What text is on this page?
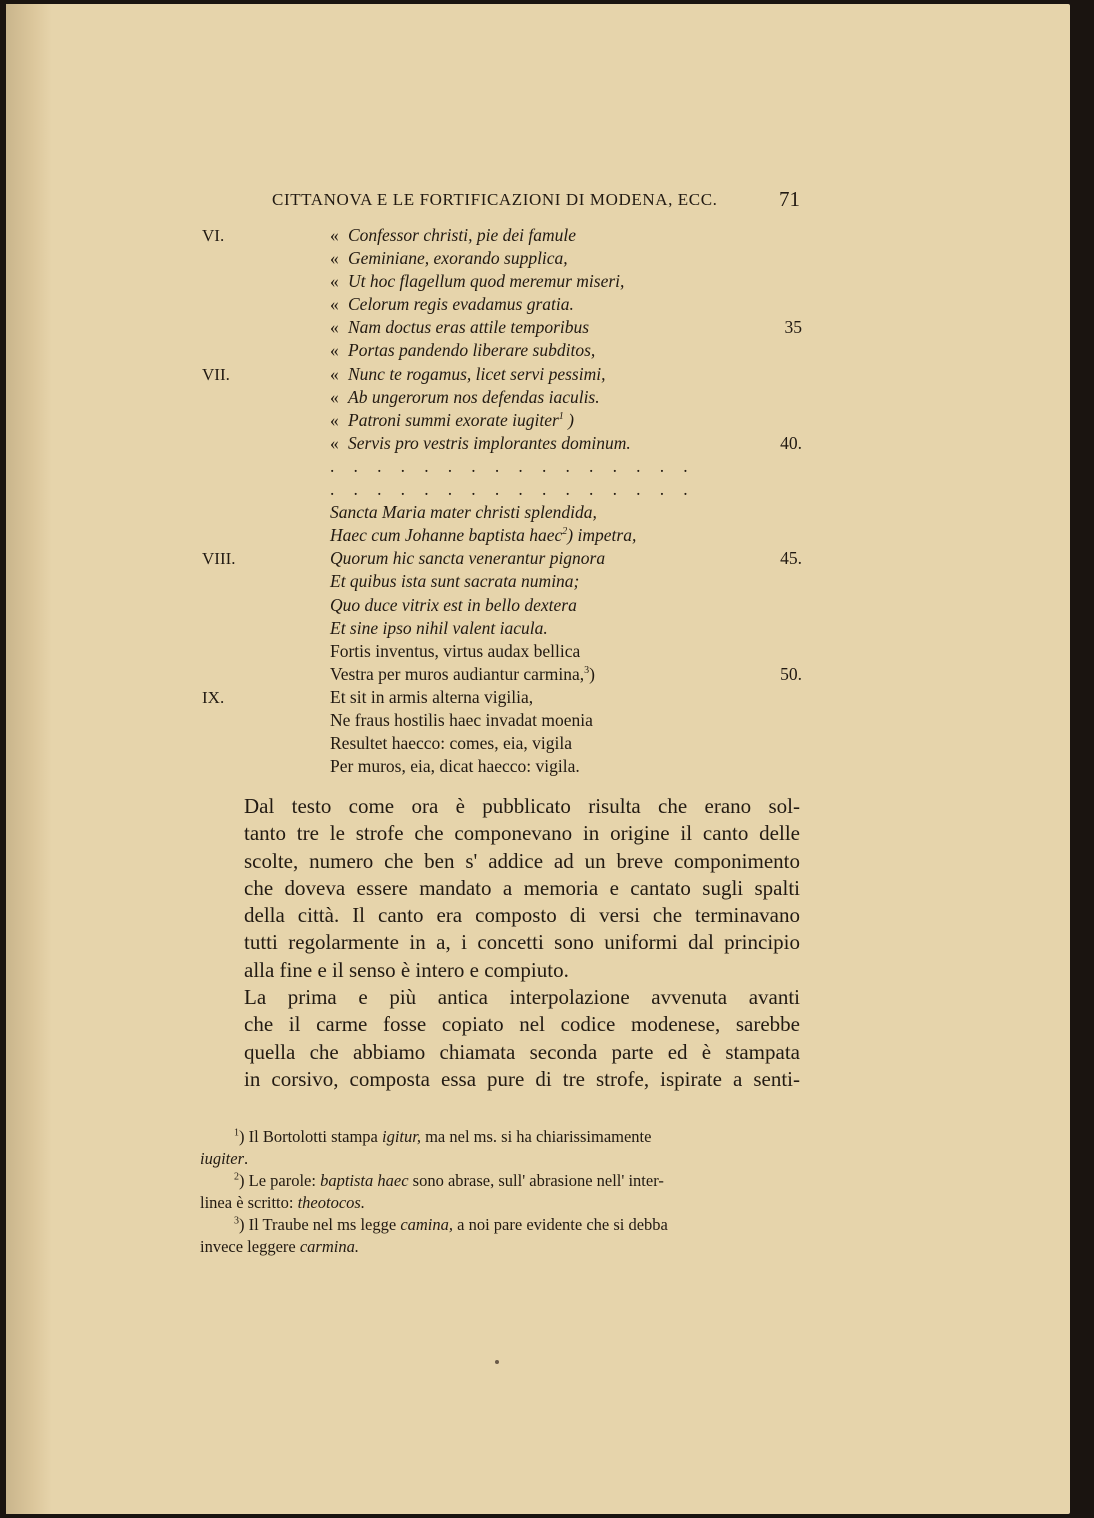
CITTANOVA E LE FORTIFICAZIONI DI MODENA, ECC.	71
VI.	« Confessor christi, pie dei famule
« Geminiane, exorando supplica,
« Ut hoc flagellum quod meremur miseri,
« Celorum regis evadamus gratia.
« Nam doctus eras attile temporibus	35
« Portas pandendo liberare subditos,
VII.	« Nunc te rogamus, licet servi pessimi,
« Ab ungerorum nos defendas iaculis.
« Patroni summi exorate iugiter$^1$ )
« Servis pro vestris implorantes dominum.	40.
. . . . . . . . . . . . . . . .
. . . . . . . . . . . . . . . .
Sancta Maria mater christi splendida,
Haec cum Johanne baptista haec$^2$) impetra,
VIII.	Quorum hic sancta venerantur pignora	45.
Et quibus ista sunt sacrata numina;
Quo duce vitrix est in bello dextera
Et sine ipso nihil valent iacula.
Fortis inventus, virtus audax bellica
Vestra per muros audiantur carmina,$^3$)	50.
IX.	Et sit in armis alterna vigilia,
Ne fraus hostilis haec invadat moenia
Resultet haecco: comes, eia, vigila
Per muros, eia, dicat haecco: vigila.

Dal testo come ora è pubblicato risulta che erano sol-
tanto tre le strofe che componevano in origine il canto delle
scolte, numero che ben s' addice ad un breve componimento
che doveva essere mandato a memoria e cantato sugli spalti
della città. Il canto era composto di versi che terminavano
tutti regolarmente in a, i concetti sono uniformi dal principio
alla fine e il senso è intero e compiuto.

La prima e più antica interpolazione avvenuta avanti
che il carme fosse copiato nel codice modenese, sarebbe
quella che abbiamo chiamata seconda parte ed è stampata
in corsivo, composta essa pure di tre strofe, ispirate a senti-

$^1$) Il Bortolotti stampa igitur, ma nel ms. si ha chiarissimamente
iugiter.
$^2$) Le parole: baptista haec sono abrase, sull' abrasione nell' inter-
linea è scritto: theotocos.
$^3$) Il Traube nel ms legge camina, a noi pare evidente che si debba
invece leggere carmina.
